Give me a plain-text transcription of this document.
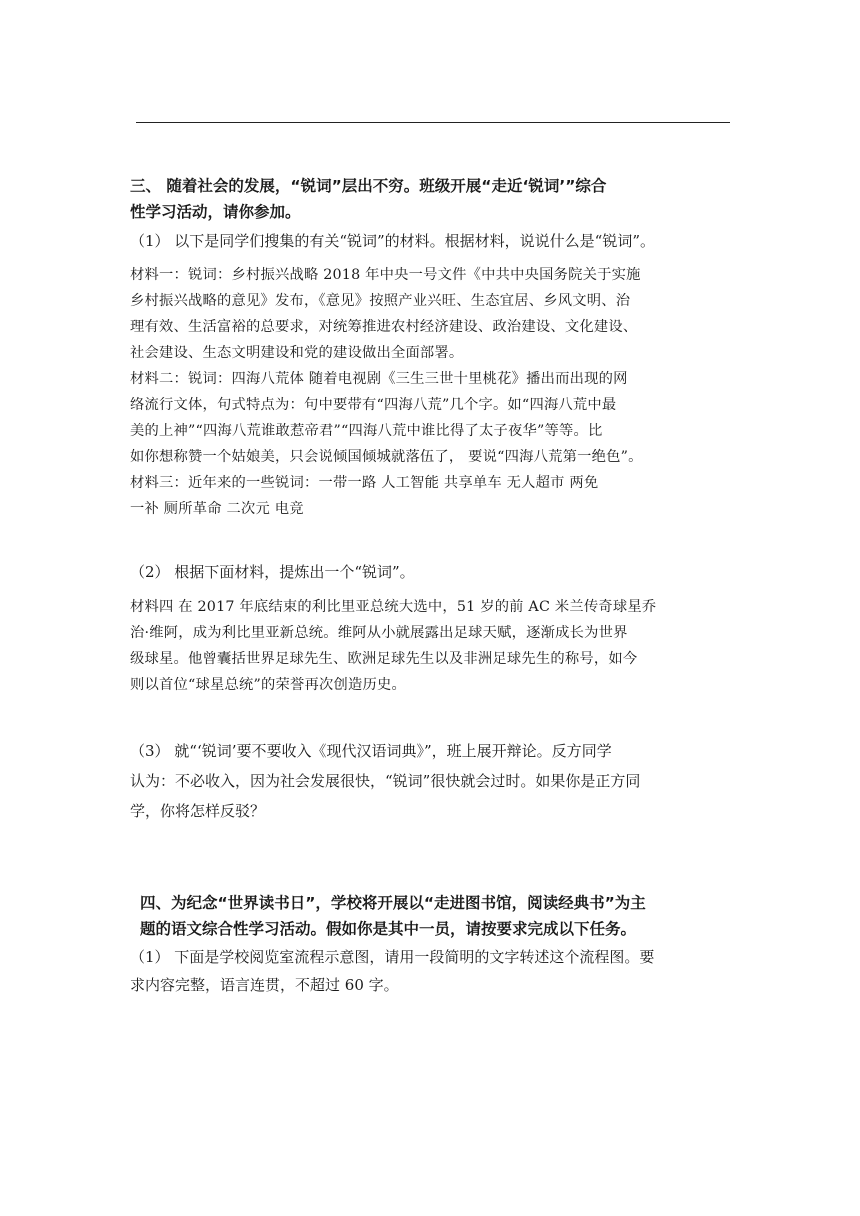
三、 随着社会的发展，“锐词”层出不穷。班级开展“走近‘锐词’”综合
性学习活动，请你参加。
（1） 以下是同学们搜集的有关“锐词”的材料。根据材料，说说什么是“锐词”。
材料一：锐词：乡村振兴战略 2018 年中央一号文件《中共中央国务院关于实施
乡村振兴战略的意见》发布，《意见》按照产业兴旺、生态宜居、乡风文明、治
理有效、生活富裕的总要求，对统筹推进农村经济建设、政治建设、文化建设、
社会建设、生态文明建设和党的建设做出全面部署。
材料二：锐词：四海八荒体 随着电视剧《三生三世十里桃花》播出而出现的网
络流行文体，句式特点为：句中要带有“四海八荒”几个字。如“四海八荒中最
美的上神”“四海八荒谁敢惹帝君”“四海八荒中谁比得了太子夜华”等等。比
如你想称赞一个姑娘美，只会说倾国倾城就落伍了， 要说“四海八荒第一绝色”。
材料三：近年来的一些锐词：一带一路 人工智能 共享单车 无人超市 两免
一补 厕所革命 二次元 电竞
（2） 根据下面材料，提炼出一个“锐词”。
材料四 在 2017 年底结束的利比里亚总统大选中，51 岁的前 AC 米兰传奇球星乔
治·维阿，成为利比里亚新总统。维阿从小就展露出足球天赋，逐渐成长为世界
级球星。他曾囊括世界足球先生、欧洲足球先生以及非洲足球先生的称号，如今
则以首位“球星总统”的荣誉再次创造历史。
（3） 就“‘锐词’要不要收入《现代汉语词典》”，班上展开辩论。反方同学
认为：不必收入，因为社会发展很快，“锐词”很快就会过时。如果你是正方同
学，你将怎样反驳？
四、为纪念“世界读书日”，学校将开展以“走进图书馆，阅读经典书”为主
题的语文综合性学习活动。假如你是其中一员，请按要求完成以下任务。
（1） 下面是学校阅览室流程示意图，请用一段简明的文字转述这个流程图。要
求内容完整，语言连贯，不超过 60 字。
